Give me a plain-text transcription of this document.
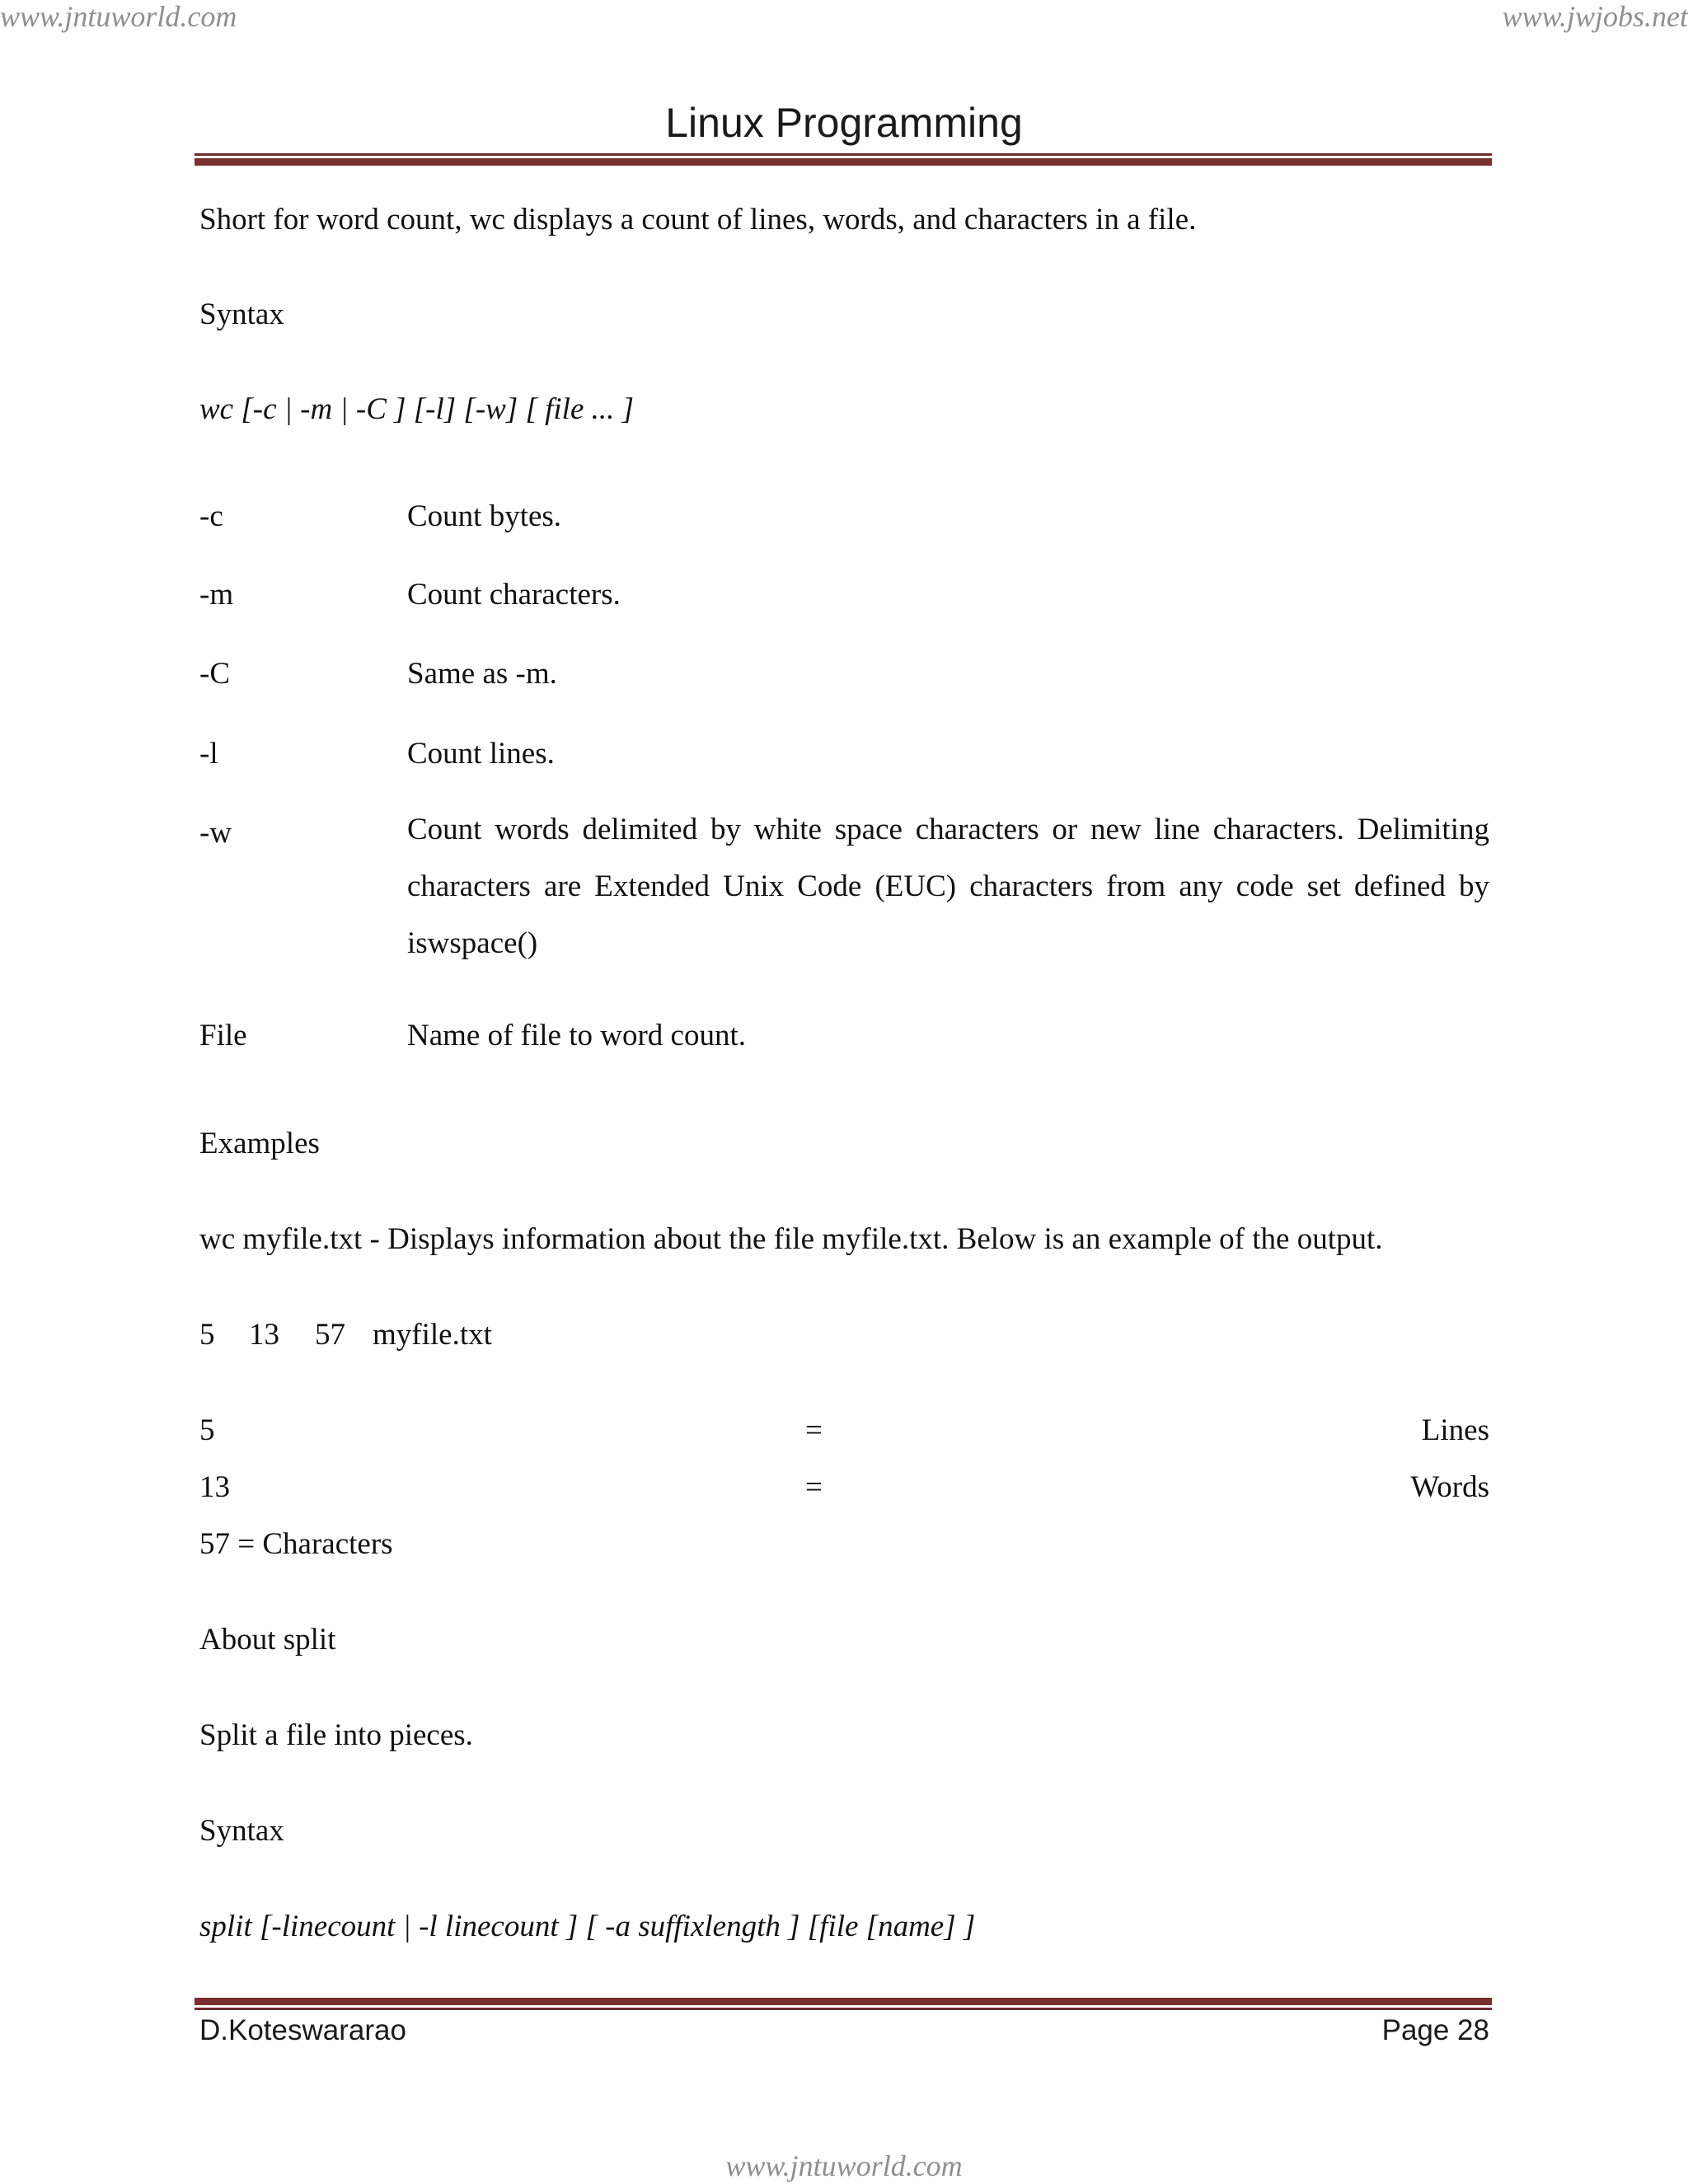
www.jntuworld.com	www.jwjobs.net
Linux Programming

Short for word count, wc displays a count of lines, words, and characters in a file.

Syntax

wc [-c | -m | -C ] [-l] [-w] [ file ... ]

-c	Count bytes.
-m	Count characters.
-C	Same as -m.
-l	Count lines.
-w	Count words delimited by white space characters or new line characters. Delimiting characters are Extended Unix Code (EUC) characters from any code set defined by iswspace()
File	Name of file to word count.

Examples

wc myfile.txt - Displays information about the file myfile.txt. Below is an example of the output.

5 13 57 myfile.txt
5	=	Lines
13	=	Words

57 = Characters

About split

Split a file into pieces.

Syntax

split [-linecount | -l linecount ] [ -a suffixlength ] [file [name] ]

D.Koteswararao	Page 28
www.jntuworld.com
